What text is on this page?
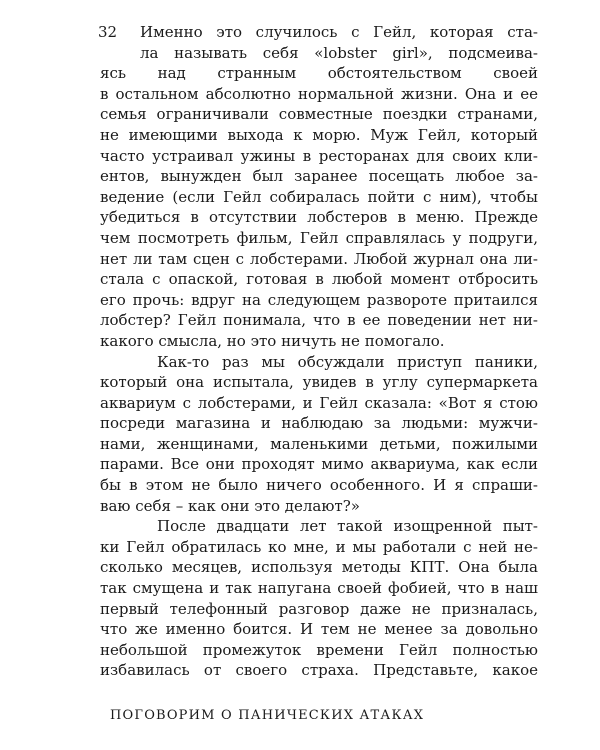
32 Именно это случилось с Гейл, которая ста-
ла называть себя «lobster girl», подсмеива-
ясь над странным обстоятельством своей
в остальном абсолютно нормальной жизни. Она и ее
семья ограничивали совместные поездки странами,
не имеющими выхода к морю. Муж Гейл, который
часто устраивал ужины в ресторанах для своих кли-
ентов, вынужден был заранее посещать любое за-
ведение (если Гейл собиралась пойти с ним), чтобы
убедиться в отсутствии лобстеров в меню. Прежде
чем посмотреть фильм, Гейл справлялась у подруги,
нет ли там сцен с лобстерами. Любой журнал она ли-
стала с опаской, готовая в любой момент отбросить
его прочь: вдруг на следующем развороте притаился
лобстер? Гейл понимала, что в ее поведении нет ни-
какого смысла, но это ничуть не помогало.
Как-то раз мы обсуждали приступ паники,
который она испытала, увидев в углу супермаркета
аквариум с лобстерами, и Гейл сказала: «Вот я стою
посреди магазина и наблюдаю за людьми: мужчи-
нами, женщинами, маленькими детьми, пожилыми
парами. Все они проходят мимо аквариума, как если
бы в этом не было ничего особенного. И я спраши-
ваю себя – как они это делают?»
После двадцати лет такой изощренной пыт-
ки Гейл обратилась ко мне, и мы работали с ней не-
сколько месяцев, используя методы КПТ. Она была
так смущена и так напугана своей фобией, что в наш
первый телефонный разговор даже не призналась,
что же именно боится. И тем не менее за довольно
небольшой промежуток времени Гейл полностью
избавилась от своего страха. Представьте, какое
ПОГОВОРИМ О ПАНИЧЕСКИХ АТАКАХ
